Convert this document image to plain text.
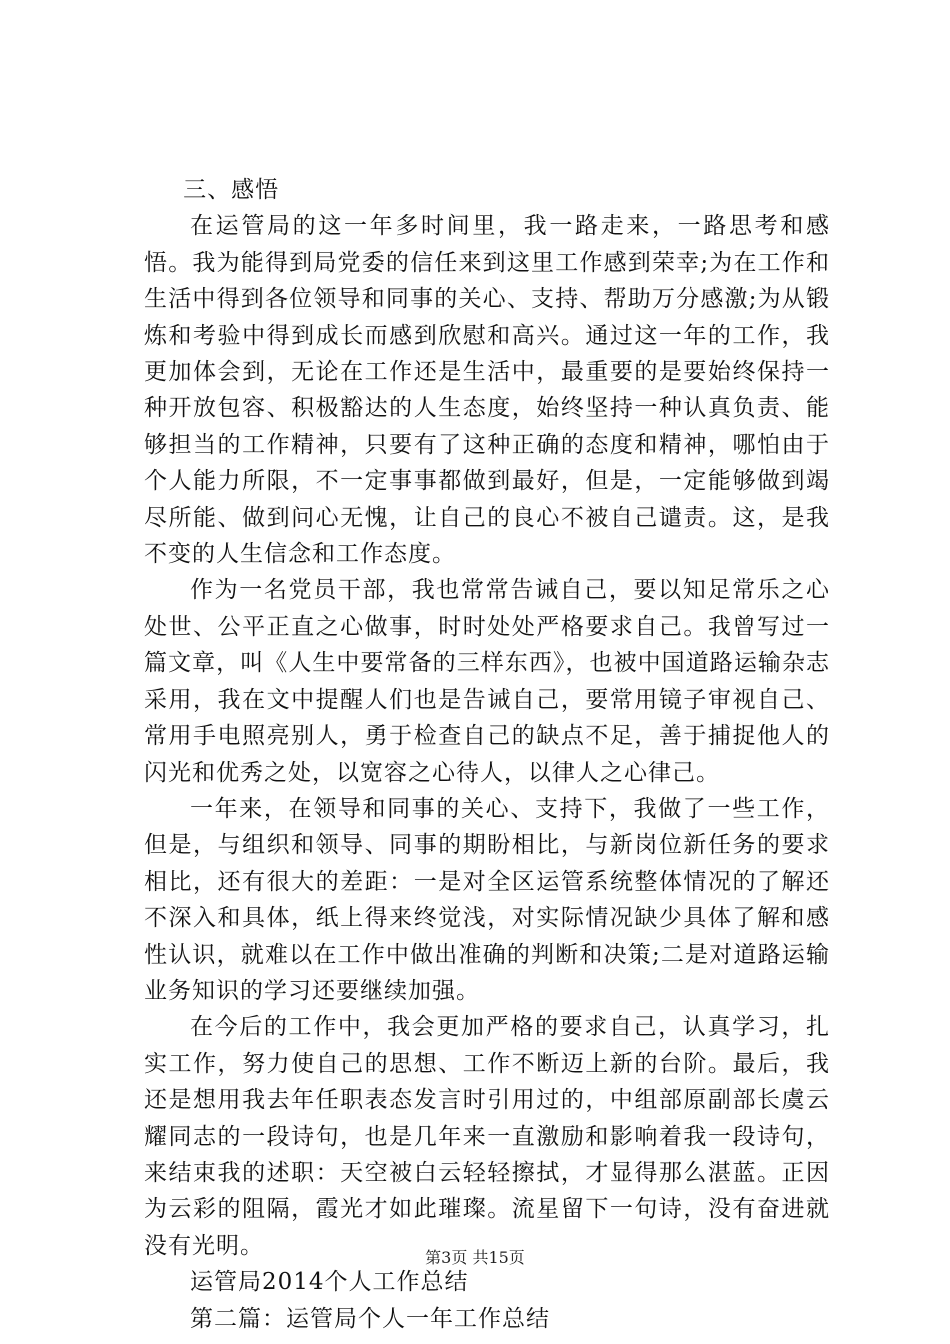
三、感悟

在运管局的这一年多时间里，我一路走来，一路思考和感悟。我为能得到局党委的信任来到这里工作感到荣幸;为在工作和生活中得到各位领导和同事的关心、支持、帮助万分感激;为从锻炼和考验中得到成长而感到欣慰和高兴。通过这一年的工作，我更加体会到，无论在工作还是生活中，最重要的是要始终保持一种开放包容、积极豁达的人生态度，始终坚持一种认真负责、能够担当的工作精神，只要有了这种正确的态度和精神，哪怕由于个人能力所限，不一定事事都做到最好，但是，一定能够做到竭尽所能、做到问心无愧，让自己的良心不被自己谴责。这，是我不变的人生信念和工作态度。

作为一名党员干部，我也常常告诫自己，要以知足常乐之心处世、公平正直之心做事，时时处处严格要求自己。我曾写过一篇文章，叫《人生中要常备的三样东西》，也被中国道路运输杂志采用，我在文中提醒人们也是告诫自己，要常用镜子审视自己、常用手电照亮别人，勇于检查自己的缺点不足，善于捕捉他人的闪光和优秀之处，以宽容之心待人，以律人之心律己。

一年来，在领导和同事的关心、支持下，我做了一些工作，但是，与组织和领导、同事的期盼相比，与新岗位新任务的要求相比，还有很大的差距：一是对全区运管系统整体情况的了解还不深入和具体，纸上得来终觉浅，对实际情况缺少具体了解和感性认识，就难以在工作中做出准确的判断和决策;二是对道路运输业务知识的学习还要继续加强。

在今后的工作中，我会更加严格的要求自己，认真学习，扎实工作，努力使自己的思想、工作不断迈上新的台阶。最后，我还是想用我去年任职表态发言时引用过的，中组部原副部长虞云耀同志的一段诗句，也是几年来一直激励和影响着我一段诗句，来结束我的述职：天空被白云轻轻擦拭，才显得那么湛蓝。正因为云彩的阻隔，霞光才如此璀璨。流星留下一句诗，没有奋进就没有光明。

运管局2014个人工作总结

第二篇：运管局个人一年工作总结

第3页 共15页
